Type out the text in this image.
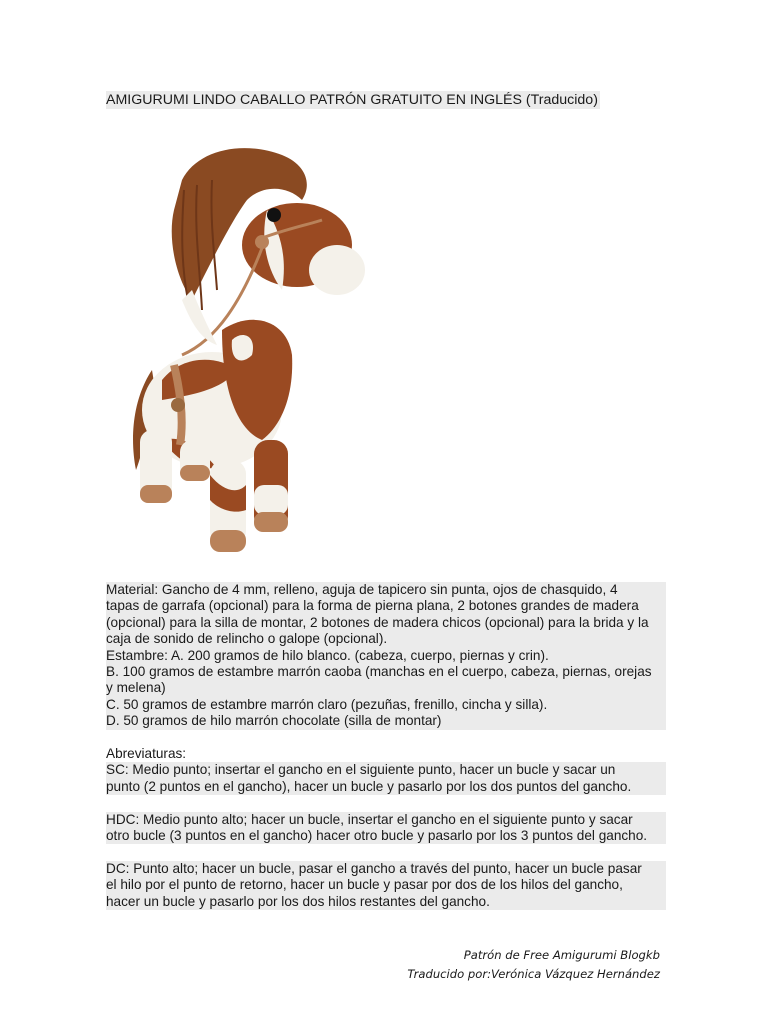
AMIGURUMI LINDO CABALLO PATRÓN GRATUITO EN INGLÉS (Traducido)
Material: Gancho de 4 mm, relleno, aguja de tapicero sin punta, ojos de chasquido, 4
tapas de garrafa (opcional) para la forma de pierna plana, 2 botones grandes de madera
(opcional) para la silla de montar, 2 botones de madera chicos (opcional) para la brida y la
caja de sonido de relincho o galope (opcional).
Estambre: A. 200 gramos de hilo blanco. (cabeza, cuerpo, piernas y crin).
B. 100 gramos de estambre marrón caoba (manchas en el cuerpo, cabeza, piernas, orejas
y melena)
C. 50 gramos de estambre marrón claro (pezuñas, frenillo, cincha y silla).
D. 50 gramos de hilo marrón chocolate (silla de montar)
Abreviaturas:
SC: Medio punto; insertar el gancho en el siguiente punto, hacer un bucle y sacar un
punto (2 puntos en el gancho), hacer un bucle y pasarlo por los dos puntos del gancho.
HDC: Medio punto alto; hacer un bucle, insertar el gancho en el siguiente punto y sacar
otro bucle (3 puntos en el gancho) hacer otro bucle y pasarlo por los 3 puntos del gancho.
DC: Punto alto; hacer un bucle, pasar el gancho a través del punto, hacer un bucle pasar
el hilo por el punto de retorno, hacer un bucle y pasar por dos de los hilos del gancho,
hacer un bucle y pasarlo por los dos hilos restantes del gancho.
Patrón de Free Amigurumi Blogkb
Traducido por:Verónica Vázquez Hernández
